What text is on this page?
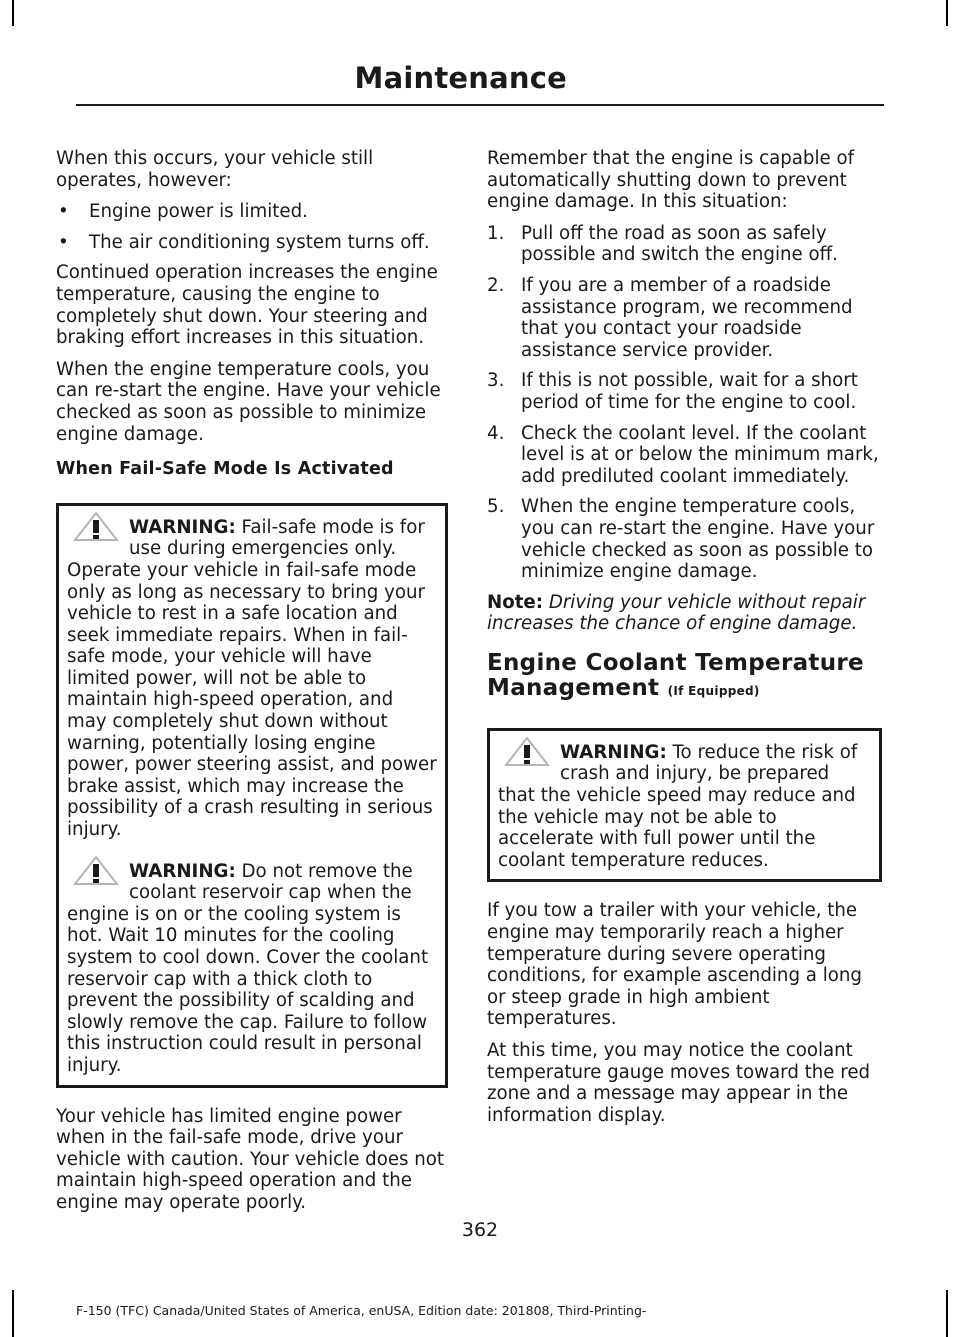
Maintenance

When this occurs, your vehicle still operates, however:

• Engine power is limited.
• The air conditioning system turns off.

Continued operation increases the engine temperature, causing the engine to completely shut down. Your steering and braking effort increases in this situation.

When the engine temperature cools, you can re-start the engine. Have your vehicle checked as soon as possible to minimize engine damage.

When Fail-Safe Mode Is Activated
WARNING: Fail-safe mode is for use during emergencies only. Operate your vehicle in fail-safe mode only as long as necessary to bring your vehicle to rest in a safe location and seek immediate repairs. When in fail-safe mode, your vehicle will have limited power, will not be able to maintain high-speed operation, and may completely shut down without warning, potentially losing engine power, power steering assist, and power brake assist, which may increase the possibility of a crash resulting in serious injury.
WARNING: Do not remove the coolant reservoir cap when the engine is on or the cooling system is hot. Wait 10 minutes for the cooling system to cool down. Cover the coolant reservoir cap with a thick cloth to prevent the possibility of scalding and slowly remove the cap. Failure to follow this instruction could result in personal injury.

Your vehicle has limited engine power when in the fail-safe mode, drive your vehicle with caution. Your vehicle does not maintain high-speed operation and the engine may operate poorly.

Remember that the engine is capable of automatically shutting down to prevent engine damage. In this situation:

1. Pull off the road as soon as safely possible and switch the engine off.
2. If you are a member of a roadside assistance program, we recommend that you contact your roadside assistance service provider.
3. If this is not possible, wait for a short period of time for the engine to cool.
4. Check the coolant level. If the coolant level is at or below the minimum mark, add prediluted coolant immediately.
5. When the engine temperature cools, you can re-start the engine. Have your vehicle checked as soon as possible to minimize engine damage.

Note: Driving your vehicle without repair increases the chance of engine damage.

Engine Coolant Temperature Management (If Equipped)
WARNING: To reduce the risk of crash and injury, be prepared that the vehicle speed may reduce and the vehicle may not be able to accelerate with full power until the coolant temperature reduces.

If you tow a trailer with your vehicle, the engine may temporarily reach a higher temperature during severe operating conditions, for example ascending a long or steep grade in high ambient temperatures.

At this time, you may notice the coolant temperature gauge moves toward the red zone and a message may appear in the information display.

362
F-150 (TFC) Canada/United States of America, enUSA, Edition date: 201808, Third-Printing-
